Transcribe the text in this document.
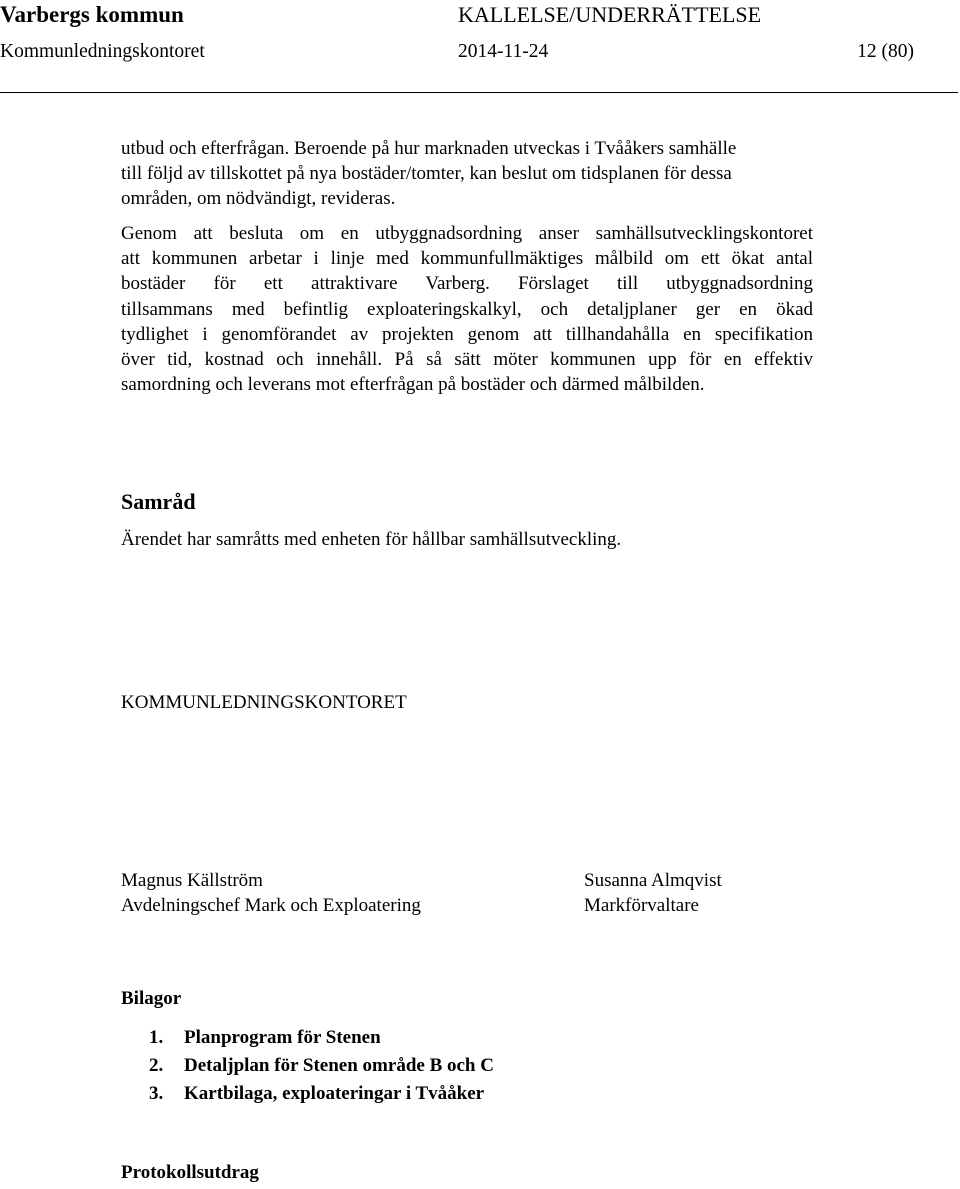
Varbergs kommun	KALLELSE/UNDERRÄTTELSE
Kommunledningskontoret	2014-11-24	12 (80)
utbud och efterfrågan. Beroende på hur marknaden utveckas i Tvååkers samhälle
till följd av tillskottet på nya bostäder/tomter, kan beslut om tidsplanen för dessa
områden, om nödvändigt, revideras.
Genom att besluta om en utbyggnadsordning anser samhällsutvecklingskontoret
att kommunen arbetar i linje med kommunfullmäktiges målbild om ett ökat antal
bostäder för ett attraktivare Varberg. Förslaget till utbyggnadsordning
tillsammans med befintlig exploateringskalkyl, och detaljplaner ger en ökad
tydlighet i genomförandet av projekten genom att tillhandahålla en specifikation
över tid, kostnad och innehåll. På så sätt möter kommunen upp för en effektiv
samordning och leverans mot efterfrågan på bostäder och därmed målbilden.
Samråd
Ärendet har samråtts med enheten för hållbar samhällsutveckling.
KOMMUNLEDNINGSKONTORET
Magnus Källström
Avdelningschef Mark och Exploatering
Susanna Almqvist
Markförvaltare
Bilagor
1. Planprogram för Stenen
2. Detaljplan för Stenen område B och C
3. Kartbilaga, exploateringar i Tvååker
Protokollsutdrag
